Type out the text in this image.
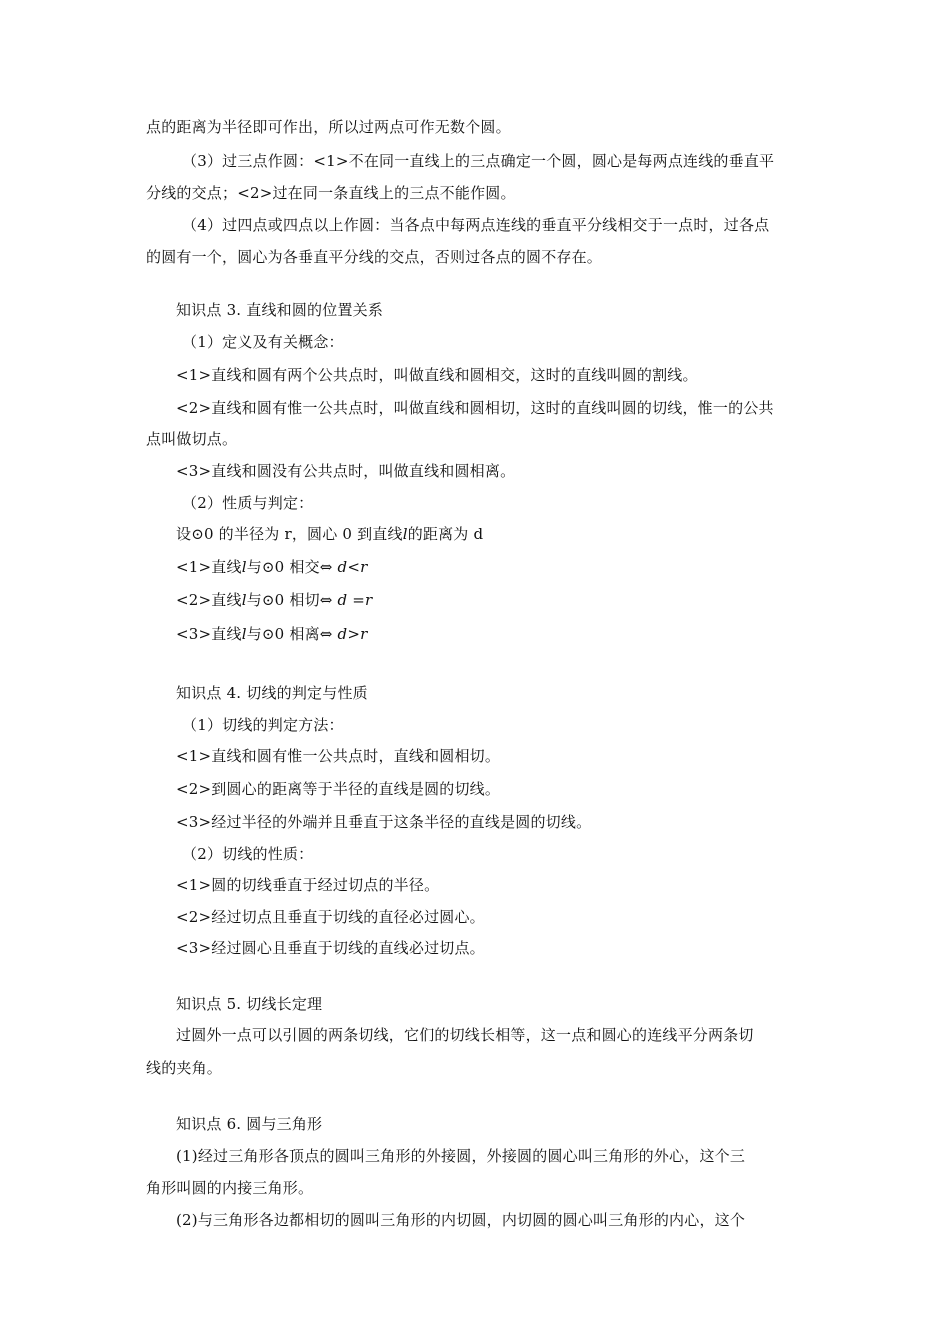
点的距离为半径即可作出，所以过两点可作无数个圆。
（3）过三点作圆：<1>不在同一直线上的三点确定一个圆，圆心是每两点连线的垂直平
分线的交点；<2>过在同一条直线上的三点不能作圆。
（4）过四点或四点以上作圆：当各点中每两点连线的垂直平分线相交于一点时，过各点
的圆有一个，圆心为各垂直平分线的交点，否则过各点的圆不存在。
知识点 3. 直线和圆的位置关系
（1）定义及有关概念：
<1>直线和圆有两个公共点时，叫做直线和圆相交，这时的直线叫圆的割线。
<2>直线和圆有惟一公共点时，叫做直线和圆相切，这时的直线叫圆的切线，惟一的公共
点叫做切点。
<3>直线和圆没有公共点时，叫做直线和圆相离。
（2）性质与判定：
设⊙0 的半径为 r，圆心 0 到直线l的距离为 d
<1>直线l与⊙0 相交⇔ d<r
<2>直线l与⊙0 相切⇔ d =r
<3>直线l与⊙0 相离⇔ d>r
知识点 4. 切线的判定与性质
（1）切线的判定方法：
<1>直线和圆有惟一公共点时，直线和圆相切。
<2>到圆心的距离等于半径的直线是圆的切线。
<3>经过半径的外端并且垂直于这条半径的直线是圆的切线。
（2）切线的性质：
<1>圆的切线垂直于经过切点的半径。
<2>经过切点且垂直于切线的直径必过圆心。
<3>经过圆心且垂直于切线的直线必过切点。
知识点 5. 切线长定理
过圆外一点可以引圆的两条切线，它们的切线长相等，这一点和圆心的连线平分两条切
线的夹角。
知识点 6. 圆与三角形
(1)经过三角形各顶点的圆叫三角形的外接圆，外接圆的圆心叫三角形的外心，这个三
角形叫圆的内接三角形。
(2)与三角形各边都相切的圆叫三角形的内切圆，内切圆的圆心叫三角形的内心，这个
